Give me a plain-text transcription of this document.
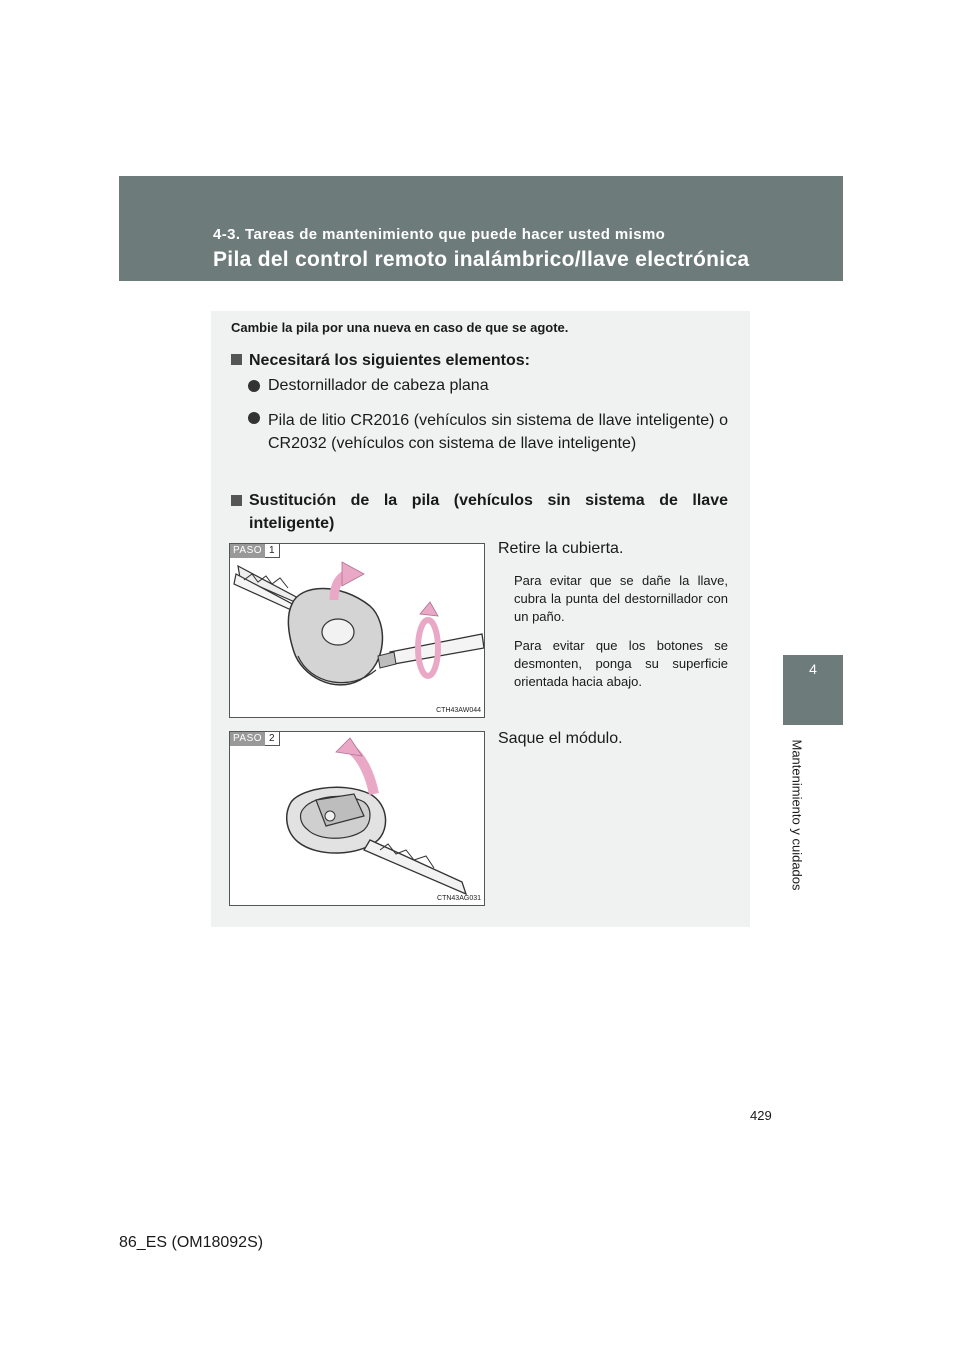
4-3. Tareas de mantenimiento que puede hacer usted mismo
Pila del control remoto inalámbrico/llave electrónica
4
Mantenimiento y cuidados
Cambie la pila por una nueva en caso de que se agote.
Necesitará los siguientes elementos:
Destornillador de cabeza plana
Pila de litio CR2016 (vehículos sin sistema de llave inteligente) o CR2032 (vehículos con sistema de llave inteligente)
Sustitución de la pila (vehículos sin sistema de llave inteligente)
PASO 1
CTH43AW044
Retire la cubierta.
Para evitar que se dañe la llave, cubra la punta del destornillador con un paño.
Para evitar que los botones se desmonten, ponga su superficie orientada hacia abajo.
PASO 2
CTN43AG031
Saque el módulo.
429
86_ES (OM18092S)
